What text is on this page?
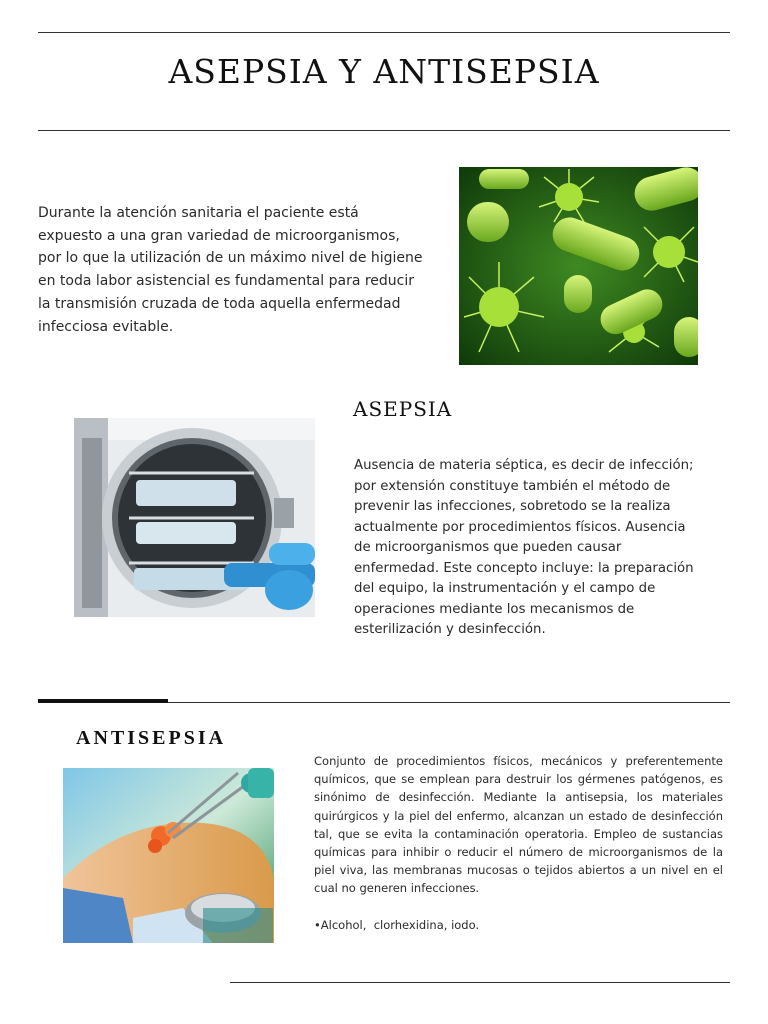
ASEPSIA Y ANTISEPSIA

Durante la atención sanitaria el paciente está expuesto a una gran variedad de microorganismos, por lo que la utilización de un máximo nivel de higiene en toda labor asistencial es fundamental para reducir la transmisión cruzada de toda aquella enfermedad infecciosa evitable.

ASEPSIA

Ausencia de materia séptica, es decir de infección; por extensión constituye también el método de prevenir las infecciones, sobretodo se la realiza actualmente por procedimientos físicos. Ausencia de microorganismos que pueden causar enfermedad. Este concepto incluye: la preparación del equipo, la instrumentación y el campo de operaciones mediante los mecanismos de esterilización y desinfección.

ANTISEPSIA

Conjunto de procedimientos físicos, mecánicos y preferentemente químicos, que se emplean para destruir los gérmenes patógenos, es sinónimo de desinfección. Mediante la antisepsia, los materiales quirúrgicos y la piel del enfermo, alcanzan un estado de desinfección tal, que se evita la contaminación operatoria. Empleo de sustancias químicas para inhibir o reducir el número de microorganismos de la piel viva, las membranas mucosas o tejidos abiertos a un nivel en el cual no generen infecciones.

•Alcohol,  clorhexidina, iodo.
